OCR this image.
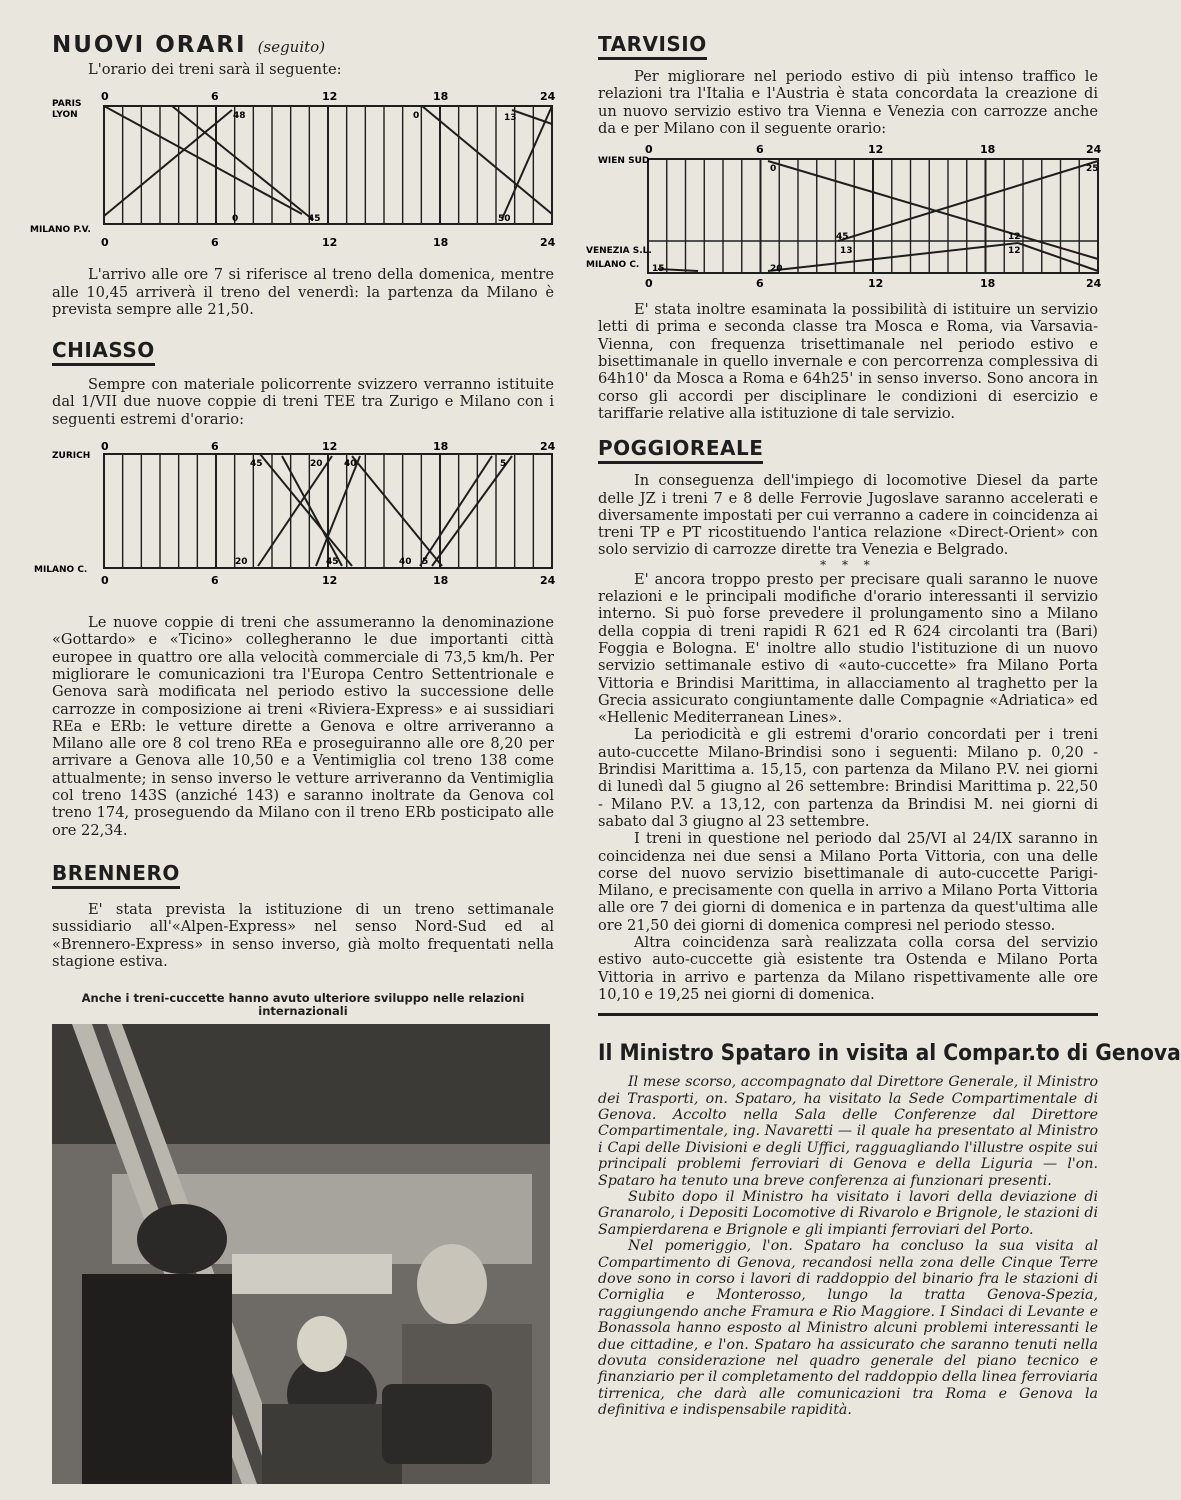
NUOVI ORARI (seguito)

L'orario dei treni sarà il seguente:

PARIS
LYON
MILANO P.V.
0	6	12	18	24
0	6	12	18	24
48	0	13
0	45	50

L'arrivo alle ore 7 si riferisce al treno della domenica, mentre alle 10,45 arriverà il treno del venerdì: la partenza da Milano è prevista sempre alle 21,50.

CHIASSO

Sempre con materiale policorrente svizzero verranno istituite dal 1/VII due nuove coppie di treni TEE tra Zurigo e Milano con i seguenti estremi d'orario:

ZURICH
MILANO C.
0	6	12	18	24
0	6	12	18	24
45	20 40	5
20	45	40 5

Le nuove coppie di treni che assumeranno la denominazione «Gottardo» e «Ticino» collegheranno le due importanti città europee in quattro ore alla velocità commerciale di 73,5 km/h. Per migliorare le comunicazioni tra l'Europa Centro Settentrionale e Genova sarà modificata nel periodo estivo la successione delle carrozze in composizione ai treni «Riviera-Express» e ai sussidiari REa e ERb: le vetture dirette a Genova e oltre arriveranno a Milano alle ore 8 col treno REa e proseguiranno alle ore 8,20 per arrivare a Genova alle 10,50 e a Ventimiglia col treno 138 come attualmente; in senso inverso le vetture arriveranno da Ventimiglia col treno 143S (anziché 143) e saranno inoltrate da Genova col treno 174, proseguendo da Milano con il treno ERb posticipato alle ore 22,34.

BRENNERO

E' stata prevista la istituzione di un treno settimanale sussidiario all'«Alpen-Express» nel senso Nord-Sud ed al «Brennero-Express» in senso inverso, già molto frequentati nella stagione estiva.

Anche i treni-cuccette hanno avuto ulteriore sviluppo nelle relazioni internazionali

TARVISIO

Per migliorare nel periodo estivo di più intenso traffico le relazioni tra l'Italia e l'Austria è stata concordata la creazione di un nuovo servizio estivo tra Vienna e Venezia con carrozze anche da e per Milano con il seguente orario:

WIEN SUD
VENEZIA S.L.
MILANO C.
0	6	12	18	24
0	6	12	18	24
0	25
45
13
12
12
15	20

E' stata inoltre esaminata la possibilità di istituire un servizio letti di prima e seconda classe tra Mosca e Roma, via Varsavia-Vienna, con frequenza trisettimanale nel periodo estivo e bisettimanale in quello invernale e con percorrenza complessiva di 64h10' da Mosca a Roma e 64h25' in senso inverso. Sono ancora in corso gli accordi per disciplinare le condizioni di esercizio e tariffarie relative alla istituzione di tale servizio.

POGGIOREALE

In conseguenza dell'impiego di locomotive Diesel da parte delle JZ i treni 7 e 8 delle Ferrovie Jugoslave saranno accelerati e diversamente impostati per cui verranno a cadere in coincidenza ai treni TP e PT ricostituendo l'antica relazione «Direct-Orient» con solo servizio di carrozze dirette tra Venezia e Belgrado.

* * *

E' ancora troppo presto per precisare quali saranno le nuove relazioni e le principali modifiche d'orario interessanti il servizio interno. Si può forse prevedere il prolungamento sino a Milano della coppia di treni rapidi R 621 ed R 624 circolanti tra (Bari) Foggia e Bologna. E' inoltre allo studio l'istituzione di un nuovo servizio settimanale estivo di «auto-cuccette» fra Milano Porta Vittoria e Brindisi Marittima, in allacciamento al traghetto per la Grecia assicurato congiuntamente dalle Compagnie «Adriatica» ed «Hellenic Mediterranean Lines».

La periodicità e gli estremi d'orario concordati per i treni auto-cuccette Milano-Brindisi sono i seguenti: Milano p. 0,20 - Brindisi Marittima a. 15,15, con partenza da Milano P.V. nei giorni di lunedì dal 5 giugno al 26 settembre: Brindisi Marittima p. 22,50 - Milano P.V. a 13,12, con partenza da Brindisi M. nei giorni di sabato dal 3 giugno al 23 settembre.

I treni in questione nel periodo dal 25/VI al 24/IX saranno in coincidenza nei due sensi a Milano Porta Vittoria, con una delle corse del nuovo servizio bisettimanale di auto-cuccette Parigi-Milano, e precisamente con quella in arrivo a Milano Porta Vittoria alle ore 7 dei giorni di domenica e in partenza da quest'ultima alle ore 21,50 dei giorni di domenica compresi nel periodo stesso.

Altra coincidenza sarà realizzata colla corsa del servizio estivo auto-cuccette già esistente tra Ostenda e Milano Porta Vittoria in arrivo e partenza da Milano rispettivamente alle ore 10,10 e 19,25 nei giorni di domenica.

Il Ministro Spataro in visita al Compar.to di Genova

Il mese scorso, accompagnato dal Direttore Generale, il Ministro dei Trasporti, on. Spataro, ha visitato la Sede Compartimentale di Genova. Accolto nella Sala delle Conferenze dal Direttore Compartimentale, ing. Navaretti — il quale ha presentato al Ministro i Capi delle Divisioni e degli Uffici, ragguagliando l'illustre ospite sui principali problemi ferroviari di Genova e della Liguria — l'on. Spataro ha tenuto una breve conferenza ai funzionari presenti.

Subito dopo il Ministro ha visitato i lavori della deviazione di Granarolo, i Depositi Locomotive di Rivarolo e Brignole, le stazioni di Sampierdarena e Brignole e gli impianti ferroviari del Porto.

Nel pomeriggio, l'on. Spataro ha concluso la sua visita al Compartimento di Genova, recandosi nella zona delle Cinque Terre dove sono in corso i lavori di raddoppio del binario fra le stazioni di Corniglia e Monterosso, lungo la tratta Genova-Spezia, raggiungendo anche Framura e Rio Maggiore. I Sindaci di Levante e Bonassola hanno esposto al Ministro alcuni problemi interessanti le due cittadine, e l'on. Spataro ha assicurato che saranno tenuti nella dovuta considerazione nel quadro generale del piano tecnico e finanziario per il completamento del raddoppio della linea ferroviaria tirrenica, che darà alle comunicazioni tra Roma e Genova la definitiva e indispensabile rapidità.
